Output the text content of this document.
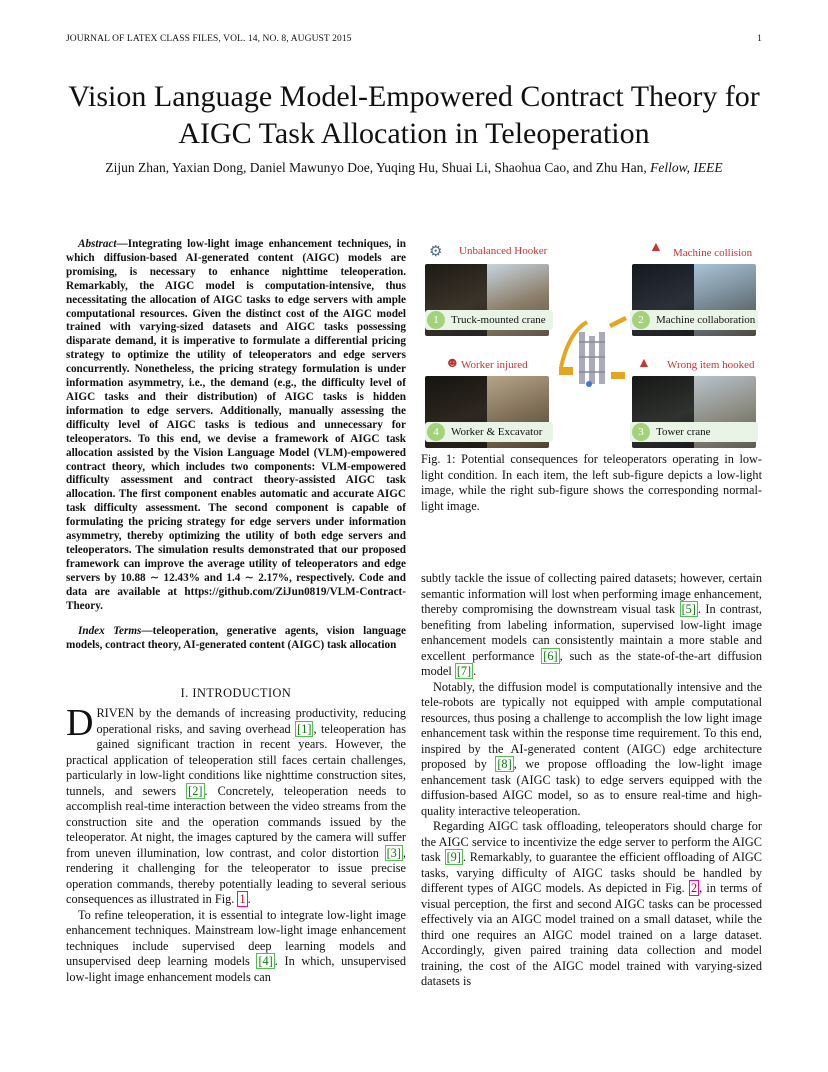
JOURNAL OF LATEX CLASS FILES, VOL. 14, NO. 8, AUGUST 2015	1
Vision Language Model-Empowered Contract Theory for AIGC Task Allocation in Teleoperation
Zijun Zhan, Yaxian Dong, Daniel Mawunyo Doe, Yuqing Hu, Shuai Li, Shaohua Cao, and Zhu Han, Fellow, IEEE
Abstract—Integrating low-light image enhancement techniques, in which diffusion-based AI-generated content (AIGC) models are promising, is necessary to enhance nighttime teleoperation. Remarkably, the AIGC model is computation-intensive, thus necessitating the allocation of AIGC tasks to edge servers with ample computational resources. Given the distinct cost of the AIGC model trained with varying-sized datasets and AIGC tasks possessing disparate demand, it is imperative to formulate a differential pricing strategy to optimize the utility of teleoperators and edge servers concurrently. Nonetheless, the pricing strategy formulation is under information asymmetry, i.e., the demand (e.g., the difficulty level of AIGC tasks and their distribution) of AIGC tasks is hidden information to edge servers. Additionally, manually assessing the difficulty level of AIGC tasks is tedious and unnecessary for teleoperators. To this end, we devise a framework of AIGC task allocation assisted by the Vision Language Model (VLM)-empowered contract theory, which includes two components: VLM-empowered difficulty assessment and contract theory-assisted AIGC task allocation. The first component enables automatic and accurate AIGC task difficulty assessment. The second component is capable of formulating the pricing strategy for edge servers under information asymmetry, thereby optimizing the utility of both edge servers and teleoperators. The simulation results demonstrated that our proposed framework can improve the average utility of teleoperators and edge servers by 10.88 ∼ 12.43% and 1.4 ∼ 2.17%, respectively. Code and data are available at https://github.com/ZiJun0819/VLM-Contract-Theory.
Index Terms—teleoperation, generative agents, vision language models, contract theory, AI-generated content (AIGC) task allocation
I. INTRODUCTION

DRIVEN by the demands of increasing productivity, reducing operational risks, and saving overhead [1] , teleoperation has gained significant traction in recent years. However, the practical application of teleoperation still faces certain challenges, particularly in low-light conditions like nighttime construction sites, tunnels, and sewers [2] . Concretely, teleoperation needs to accomplish real-time interaction between the video streams from the construction site and the operation commands issued by the teleoperator. At night, the images captured by the camera will suffer from uneven illumination, low contrast, and color distortion [3] , rendering it challenging for the teleoperator to issue precise operation commands, thereby potentially leading to several serious consequences as illustrated in Fig. 1 .

To refine teleoperation, it is essential to integrate low-light image enhancement techniques. Mainstream low-light image enhancement techniques include supervised deep learning models and unsupervised deep learning models [4] . In which, unsupervised low-light image enhancement models can

Unbalanced Hooker
⚙
1 Truck-mounted crane
▲ Machine collision
2 Machine collaboration
☻ Worker injured
4 Worker & Excavator
▲ Wrong item hooked
3 Tower crane
Fig. 1: Potential consequences for teleoperators operating in low-light condition. In each item, the left sub-figure depicts a low-light image, while the right sub-figure shows the corresponding normal-light image.

subtly tackle the issue of collecting paired datasets; however, certain semantic information will lost when performing image enhancement, thereby compromising the downstream visual task [5] . In contrast, benefiting from labeling information, supervised low-light image enhancement models can consistently maintain a more stable and excellent performance [6] , such as the state-of-the-art diffusion model [7] .

Notably, the diffusion model is computationally intensive and the tele-robots are typically not equipped with ample computational resources, thus posing a challenge to accomplish the low light image enhancement task within the response time requirement. To this end, inspired by the AI-generated content (AIGC) edge architecture proposed by [8] , we propose offloading the low-light image enhancement task (AIGC task) to edge servers equipped with the diffusion-based AIGC model, so as to ensure real-time and high-quality interactive teleoperation.

Regarding AIGC task offloading, teleoperators should charge for the AIGC service to incentivize the edge server to perform the AIGC task [9] . Remarkably, to guarantee the efficient offloading of AIGC tasks, varying difficulty of AIGC tasks should be handled by different types of AIGC models. As depicted in Fig. 2 , in terms of visual perception, the first and second AIGC tasks can be processed effectively via an AIGC model trained on a small dataset, while the third one requires an AIGC model trained on a large dataset. Accordingly, given paired training data collection and model training, the cost of the AIGC model trained with varying-sized datasets is
